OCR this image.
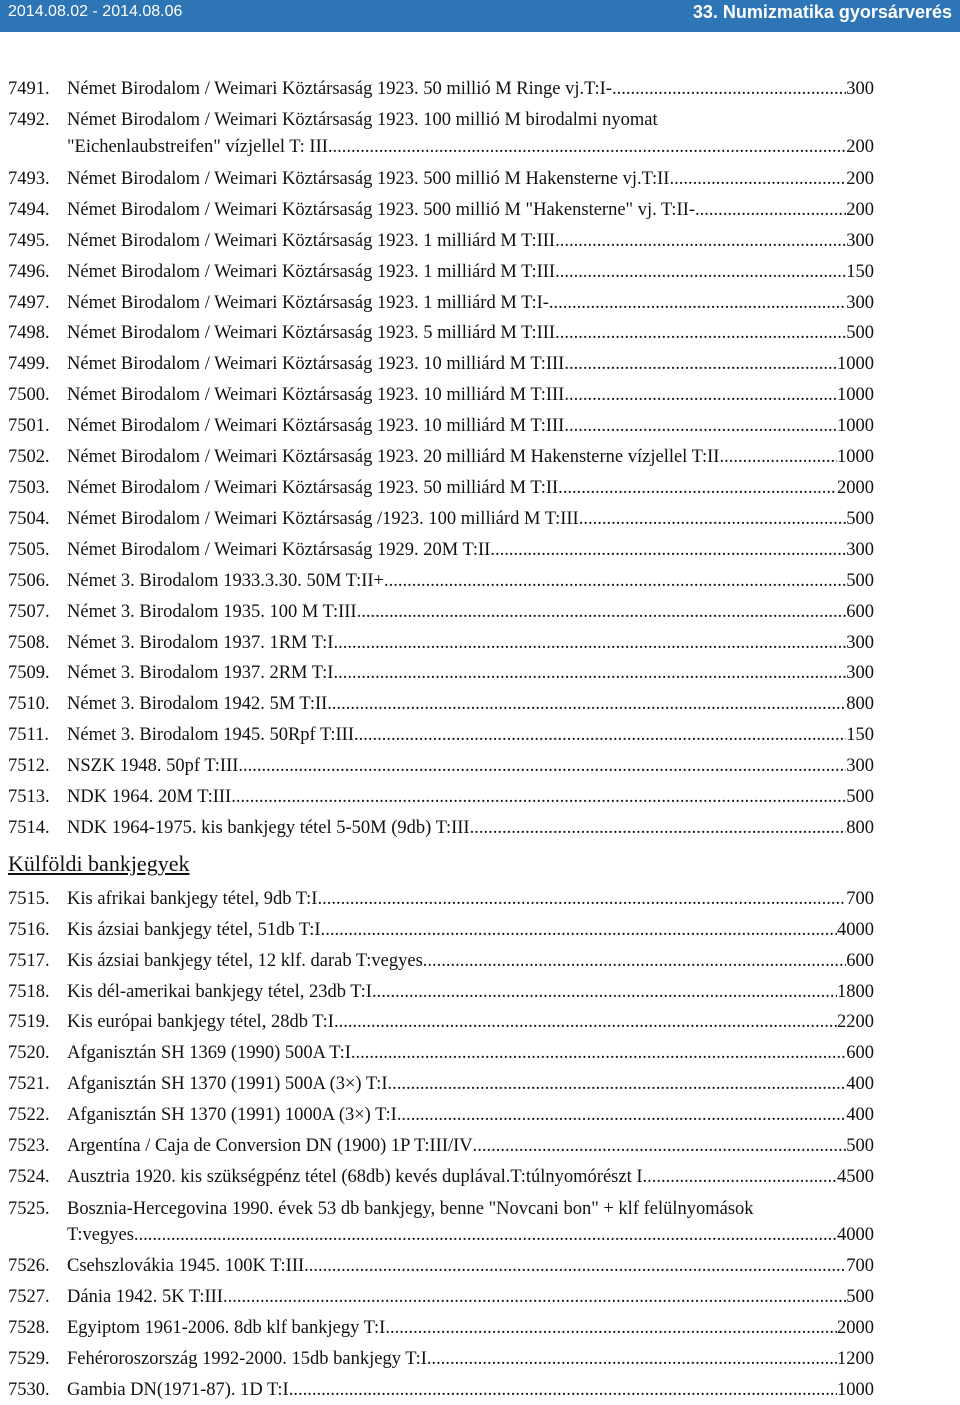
2014.08.02 - 2014.08.06	33. Numizmatika gyorsárverés
7491. Német Birodalom / Weimari Köztársaság 1923. 50 millió M Ringe vj.T:I- .....	300
7492. Német Birodalom / Weimari Köztársaság 1923. 100 millió M birodalmi nyomat
"Eichenlaubstreifen" vízjellel T: III .....	200
7493. Német Birodalom / Weimari Köztársaság 1923. 500 millió M Hakensterne vj.T:II .....	200
7494. Német Birodalom / Weimari Köztársaság 1923. 500 millió M "Hakensterne" vj. T:II- .....	200
7495. Német Birodalom / Weimari Köztársaság 1923. 1 milliárd M T:III .....	300
7496. Német Birodalom / Weimari Köztársaság 1923. 1 milliárd M T:III .....	150
7497. Német Birodalom / Weimari Köztársaság 1923. 1 milliárd M T:I- .....	300
7498. Német Birodalom / Weimari Köztársaság 1923. 5 milliárd M T:III .....	500
7499. Német Birodalom / Weimari Köztársaság 1923. 10 milliárd M T:III .....	1000
7500. Német Birodalom / Weimari Köztársaság 1923. 10 milliárd M T:III .....	1000
7501. Német Birodalom / Weimari Köztársaság 1923. 10 milliárd M T:III .....	1000
7502. Német Birodalom / Weimari Köztársaság 1923. 20 milliárd M Hakensterne vízjellel T:II .....	1000
7503. Német Birodalom / Weimari Köztársaság 1923. 50 milliárd M T:II .....	2000
7504. Német Birodalom / Weimari Köztársaság /1923. 100 milliárd M T:III .....	500
7505. Német Birodalom / Weimari Köztársaság 1929. 20M T:II .....	300
7506. Német 3. Birodalom 1933.3.30. 50M T:II+ .....	500
7507. Német 3. Birodalom 1935. 100 M T:III .....	600
7508. Német 3. Birodalom 1937. 1RM T:I .....	300
7509. Német 3. Birodalom 1937. 2RM T:I .....	300
7510. Német 3. Birodalom 1942. 5M T:II .....	800
7511. Német 3. Birodalom 1945. 50Rpf T:III .....	150
7512. NSZK 1948. 50pf T:III .....	300
7513. NDK 1964. 20M T:III .....	500
7514. NDK 1964-1975. kis bankjegy tétel 5-50M (9db) T:III .....	800
Külföldi bankjegyek
7515. Kis afrikai bankjegy tétel, 9db T:I .....	700
7516. Kis ázsiai bankjegy tétel, 51db T:I .....	4000
7517. Kis ázsiai bankjegy tétel, 12 klf. darab T:vegyes .....	600
7518. Kis dél-amerikai bankjegy tétel, 23db T:I .....	1800
7519. Kis európai bankjegy tétel, 28db T:I .....	2200
7520. Afganisztán SH 1369 (1990) 500A T:I .....	600
7521. Afganisztán SH 1370 (1991) 500A (3×) T:I .....	400
7522. Afganisztán SH 1370 (1991) 1000A (3×) T:I .....	400
7523. Argentína / Caja de Conversion DN (1900) 1P T:III/IV .....	500
7524. Ausztria 1920. kis szükségpénz tétel (68db) kevés duplával.T:túlnyomórészt I .....	4500
7525. Bosznia-Hercegovina 1990. évek 53 db bankjegy, benne "Novcani bon" + klf felülnyomások
T:vegyes .....	4000
7526. Csehszlovákia 1945. 100K T:III .....	700
7527. Dánia 1942. 5K T:III .....	500
7528. Egyiptom 1961-2006. 8db klf bankjegy T:I .....	2000
7529. Fehéroroszország 1992-2000. 15db bankjegy T:I .....	1200
7530. Gambia DN(1971-87). 1D T:I .....	1000
